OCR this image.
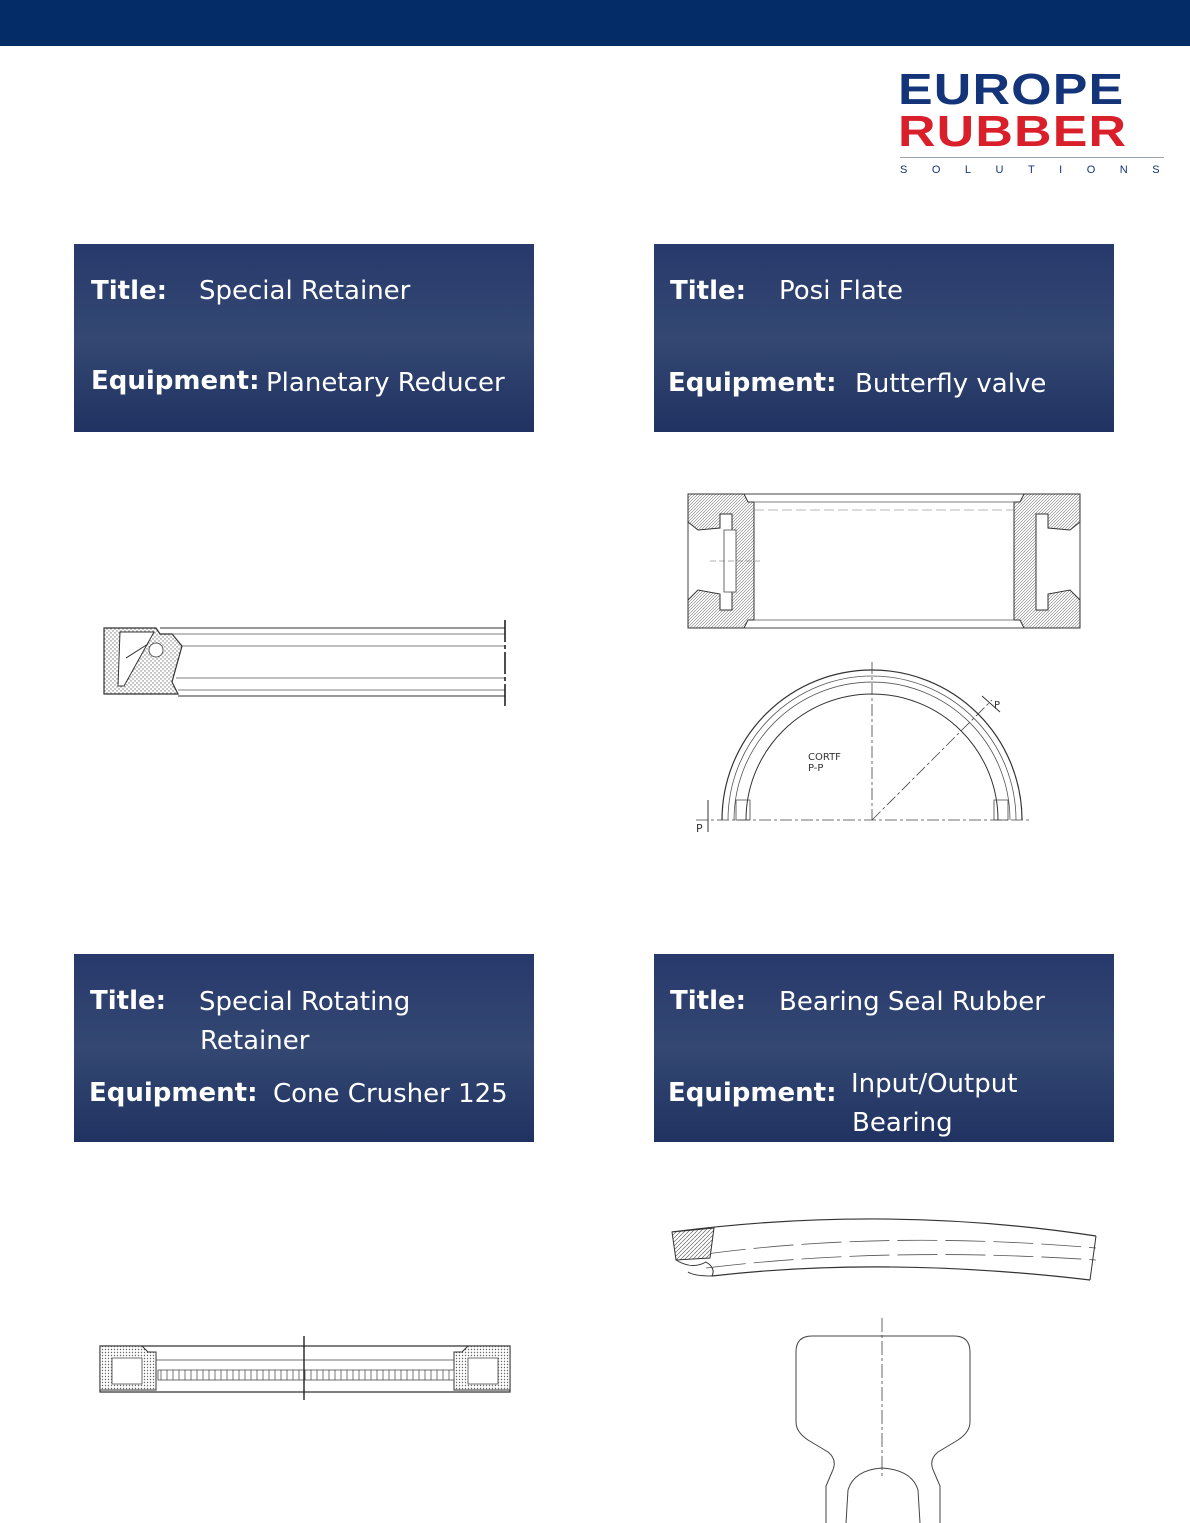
EUROPE
RUBBER
SOLUTIONS
Title: Special Retainer
Equipment: Planetary Reducer
Title: Posi Flate
Equipment: Butterfly valve
Title: Special Rotating
Retainer
Equipment: Cone Crusher 125
Title: Bearing Seal Rubber
Equipment: Input/Output
Bearing
P
CORTF
P-P
P
